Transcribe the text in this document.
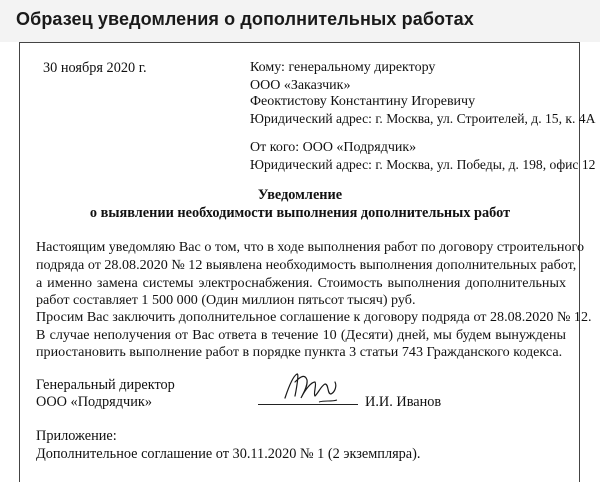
Образец уведомления о дополнительных работах
30 ноября 2020 г.	Кому: генеральному директору
ООО «Заказчик»
Феоктистову Константину Игоревичу
Юридический адрес: г. Москва, ул. Строителей, д. 15, к. 4А
От кого: ООО «Подрядчик»
Юридический адрес: г. Москва, ул. Победы, д. 198, офис 12
Уведомление
о выявлении необходимости выполнения дополнительных работ
Настоящим уведомляю Вас о том, что в ходе выполнения работ по договору строительного
подряда от 28.08.2020 № 12 выявлена необходимость выполнения дополнительных работ,
а именно замена системы электроснабжения. Стоимость выполнения дополнительных
работ составляет 1 500 000 (Один миллион пятьсот тысяч) руб.
Просим Вас заключить дополнительное соглашение к договору подряда от 28.08.2020 № 12.
В случае неполучения от Вас ответа в течение 10 (Десяти) дней, мы будем вынуждены
приостановить выполнение работ в порядке пункта 3 статьи 743 Гражданского кодекса.
Генеральный директор
ООО «Подрядчик»	И.И. Иванов
Приложение:
Дополнительное соглашение от 30.11.2020 № 1 (2 экземпляра).
